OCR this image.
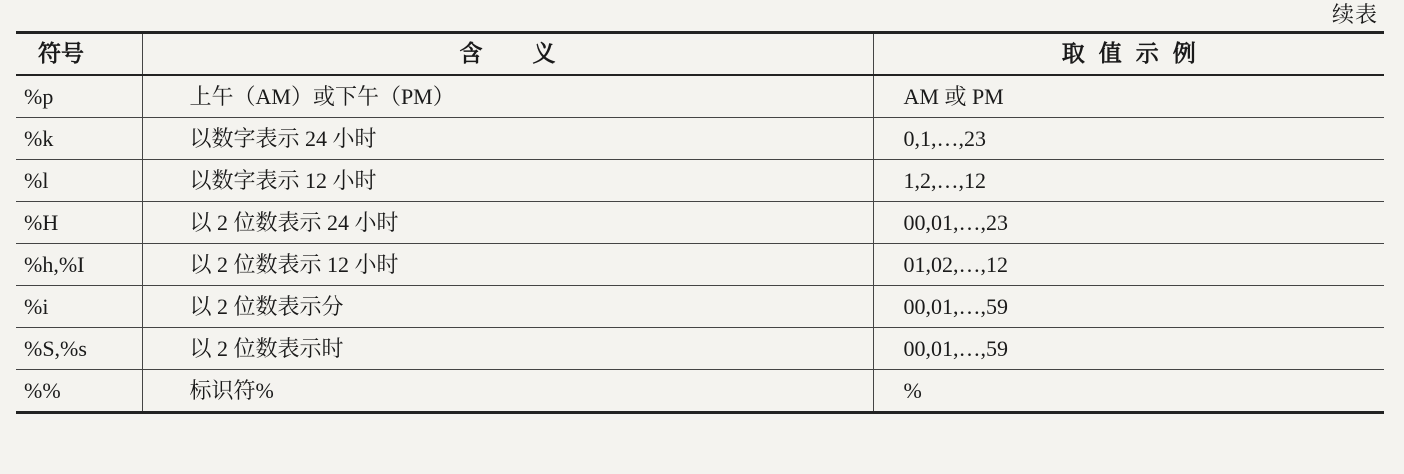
续表
符号	含义	取值示例
%p	上午（AM）或下午（PM）	AM 或 PM
%k	以数字表示 24 小时	0,1,…,23
%l	以数字表示 12 小时	1,2,…,12
%H	以 2 位数表示 24 小时	00,01,…,23
%h,%I	以 2 位数表示 12 小时	01,02,…,12
%i	以 2 位数表示分	00,01,…,59
%S,%s	以 2 位数表示时	00,01,…,59
%%	标识符%	%
